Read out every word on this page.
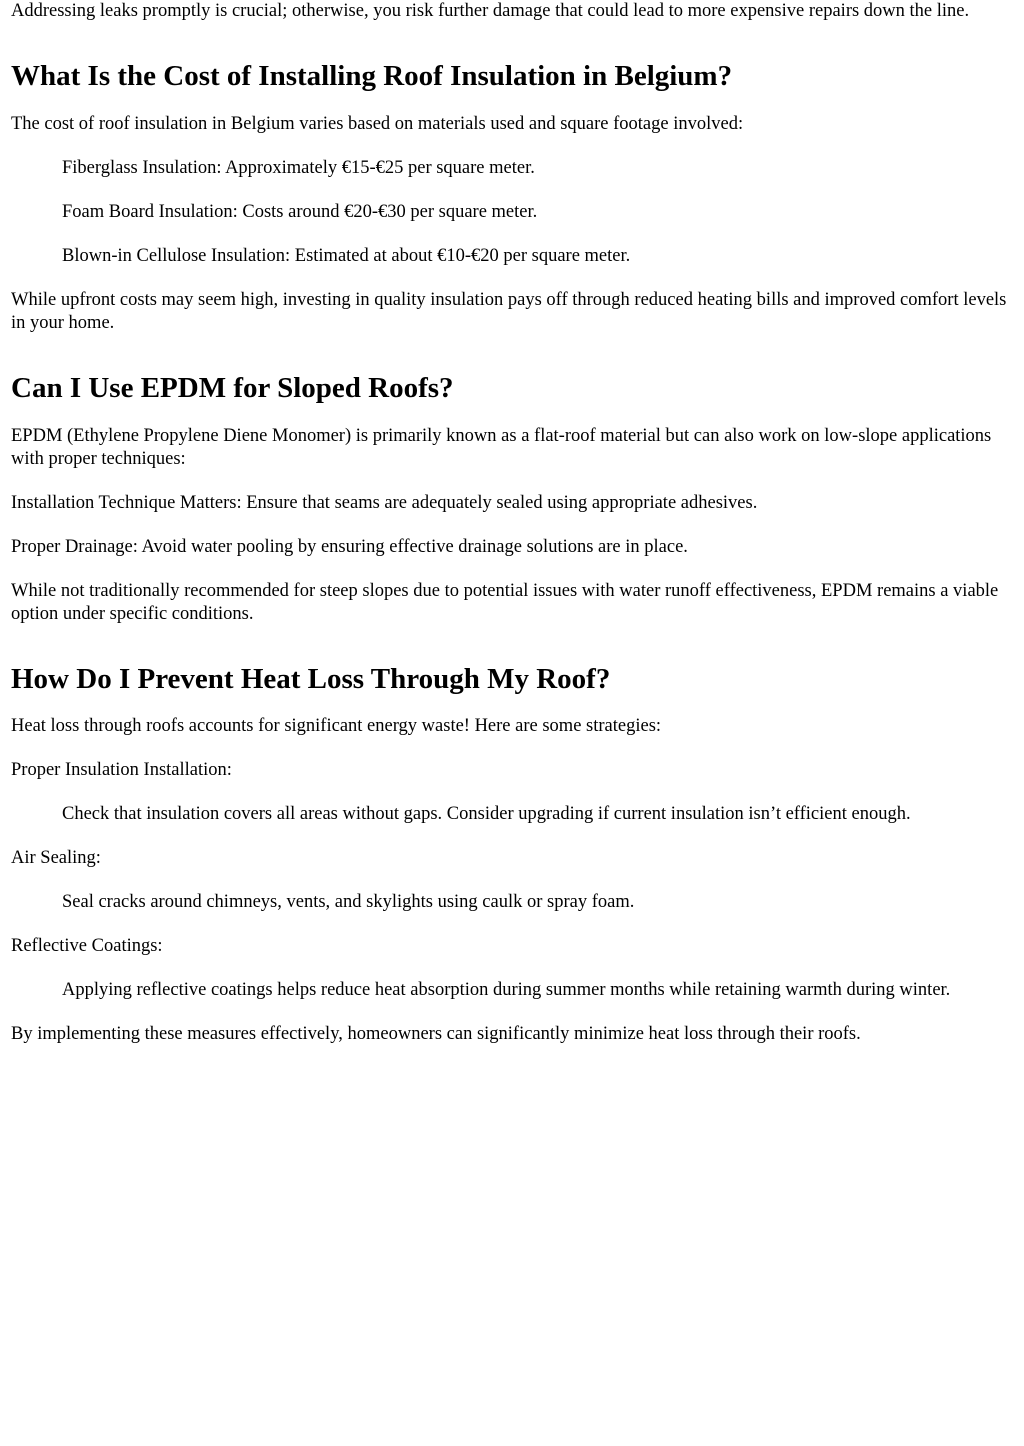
Addressing leaks promptly is crucial; otherwise, you risk further damage that could lead to more expensive repairs down the line.

What Is the Cost of Installing Roof Insulation in Belgium?

The cost of roof insulation in Belgium varies based on materials used and square footage involved:

Fiberglass Insulation: Approximately €15-€25 per square meter.

Foam Board Insulation: Costs around €20-€30 per square meter.

Blown-in Cellulose Insulation: Estimated at about €10-€20 per square meter.

While upfront costs may seem high, investing in quality insulation pays off through reduced heating bills and improved comfort levels in your home.

Can I Use EPDM for Sloped Roofs?

EPDM (Ethylene Propylene Diene Monomer) is primarily known as a flat-roof material but can also work on low-slope applications with proper techniques:

Installation Technique Matters: Ensure that seams are adequately sealed using appropriate adhesives.

Proper Drainage: Avoid water pooling by ensuring effective drainage solutions are in place.

While not traditionally recommended for steep slopes due to potential issues with water runoff effectiveness, EPDM remains a viable option under specific conditions.

How Do I Prevent Heat Loss Through My Roof?

Heat loss through roofs accounts for significant energy waste! Here are some strategies:

Proper Insulation Installation:

Check that insulation covers all areas without gaps. Consider upgrading if current insulation isn’t efficient enough.

Air Sealing:

Seal cracks around chimneys, vents, and skylights using caulk or spray foam.

Reflective Coatings:

Applying reflective coatings helps reduce heat absorption during summer months while retaining warmth during winter.

By implementing these measures effectively, homeowners can significantly minimize heat loss through their roofs.
